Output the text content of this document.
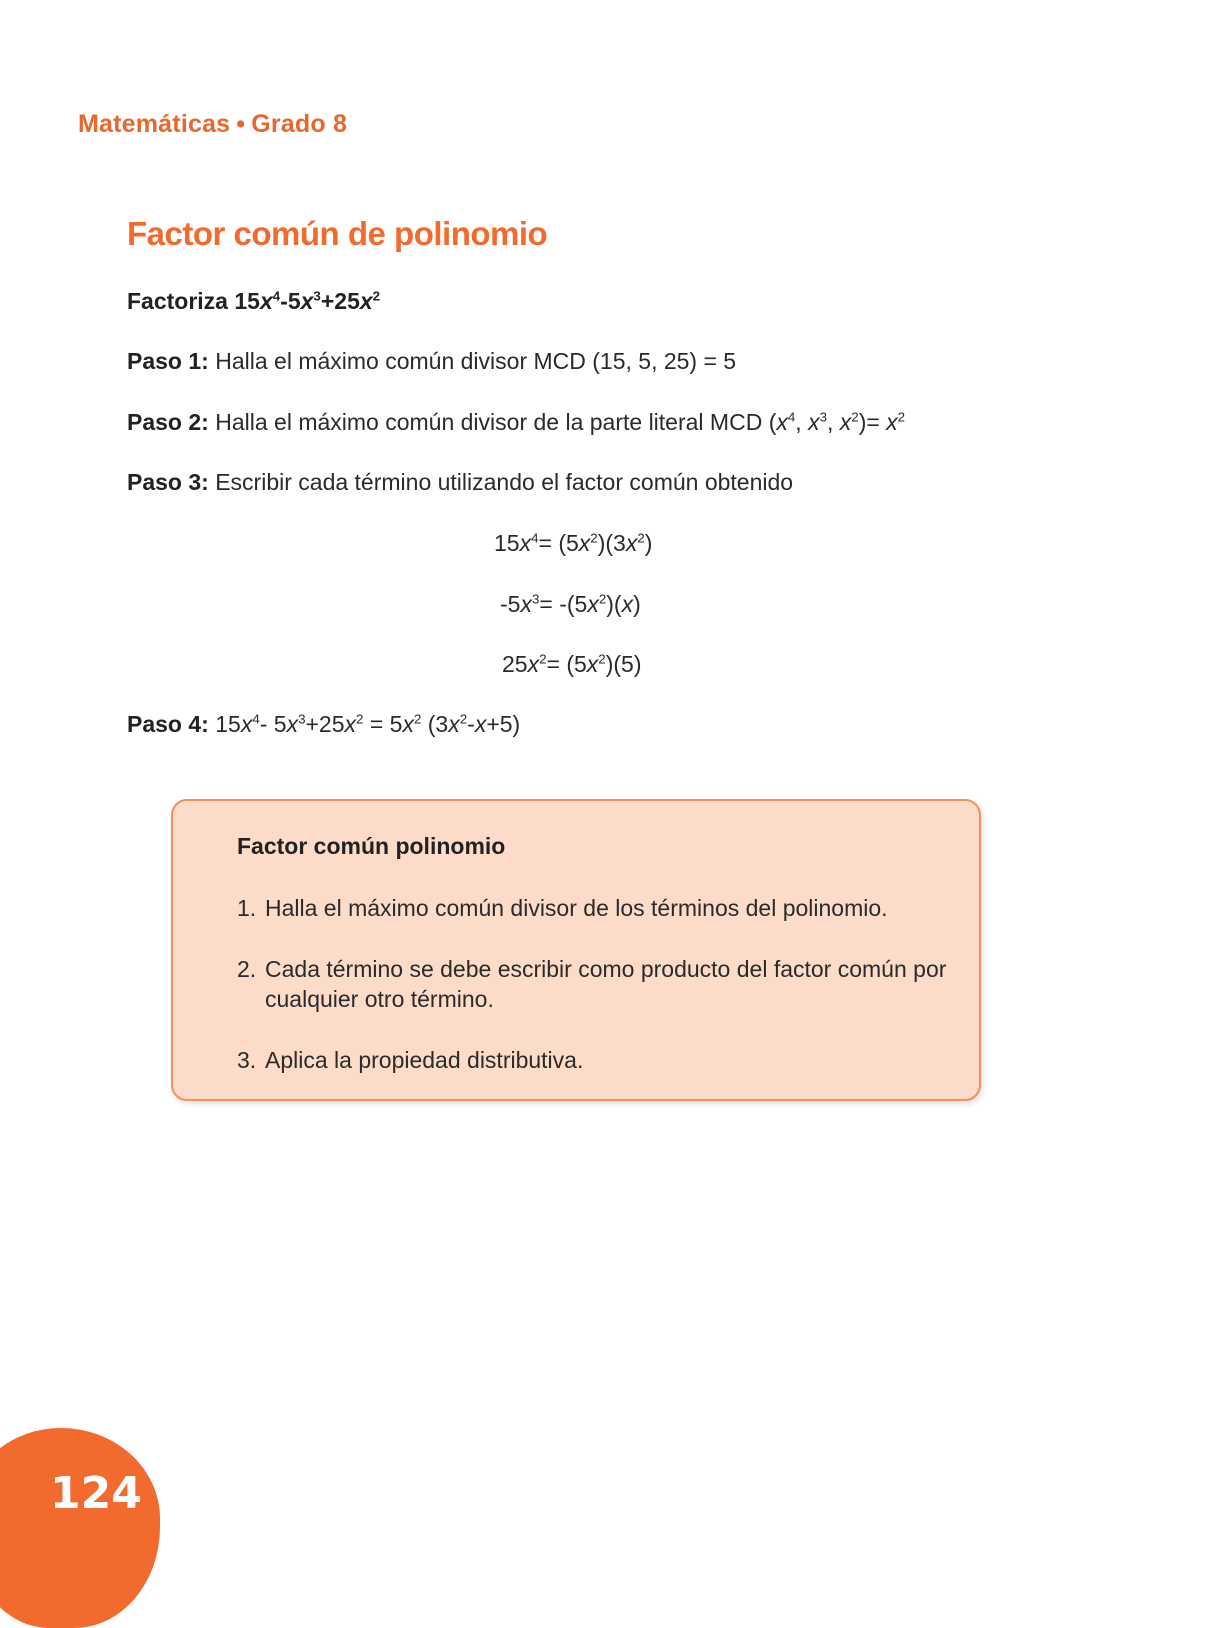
Matemáticas • Grado 8
Factor común de polinomio
Factoriza $15x^4-5x^3+25x^2$
Paso 1: Halla el máximo común divisor MCD (15, 5, 25) = 5
Paso 2: Halla el máximo común divisor de la parte literal MCD ($x^4$, $x^3$, $x^2)= x^2$
Paso 3: Escribir cada término utilizando el factor común obtenido
$15x^4= (5x^2)(3x^2)$
$-5x^3= -(5x^2)(x)$
$25x^2= (5x^2)(5)$
Paso 4: $15x^4-$ $5x^3+25x^2 = 5x^2$ $(3x^2-x+5)$
Factor común polinomio
1. Halla el máximo común divisor de los términos del polinomio.
2. Cada término se debe escribir como producto del factor común por cualquier otro término.
3. Aplica la propiedad distributiva.
124
